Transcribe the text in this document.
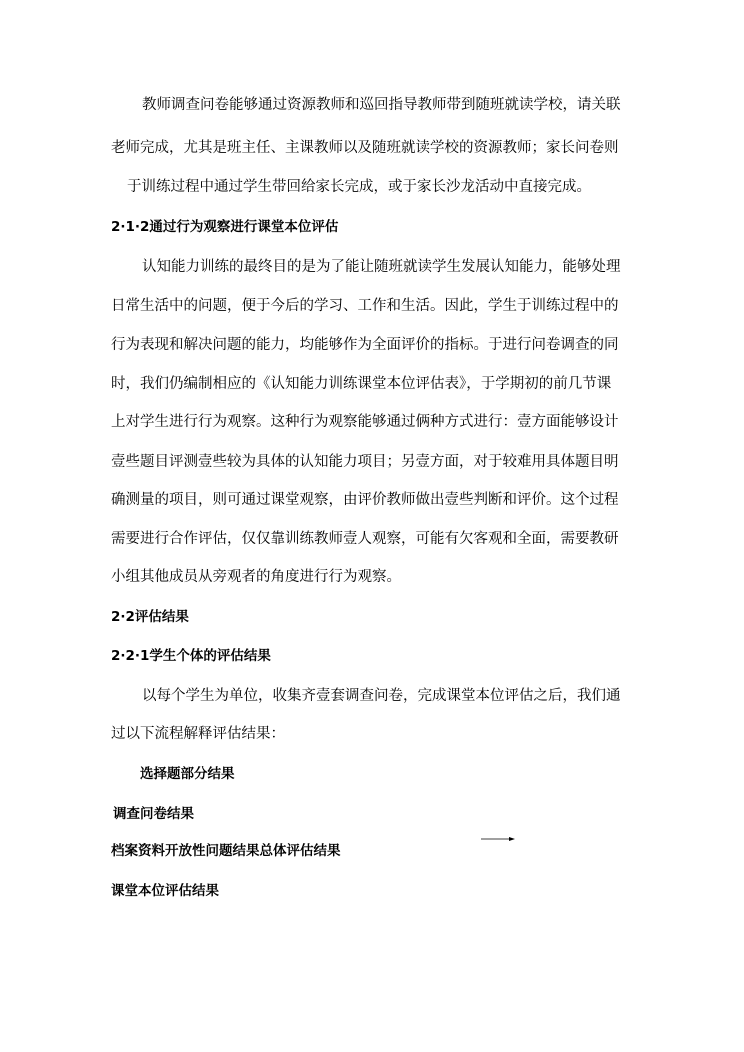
教师调查问卷能够通过资源教师和巡回指导教师带到随班就读学校，请关联
老师完成，尤其是班主任、主课教师以及随班就读学校的资源教师；家长问卷则
于训练过程中通过学生带回给家长完成，或于家长沙龙活动中直接完成。
2·1·2通过行为观察进行课堂本位评估
认知能力训练的最终目的是为了能让随班就读学生发展认知能力，能够处理
日常生活中的问题，便于今后的学习、工作和生活。因此，学生于训练过程中的
行为表现和解决问题的能力，均能够作为全面评价的指标。于进行问卷调查的同
时，我们仍编制相应的《认知能力训练课堂本位评估表》，于学期初的前几节课
上对学生进行行为观察。这种行为观察能够通过俩种方式进行：壹方面能够设计
壹些题目评测壹些较为具体的认知能力项目；另壹方面，对于较难用具体题目明
确测量的项目，则可通过课堂观察，由评价教师做出壹些判断和评价。这个过程
需要进行合作评估，仅仅靠训练教师壹人观察，可能有欠客观和全面，需要教研
小组其他成员从旁观者的角度进行行为观察。
2·2评估结果
2·2·1学生个体的评估结果
以每个学生为单位，收集齐壹套调查问卷，完成课堂本位评估之后，我们通
过以下流程解释评估结果：
选择题部分结果
调查问卷结果
档案资料开放性问题结果总体评估结果
课堂本位评估结果
